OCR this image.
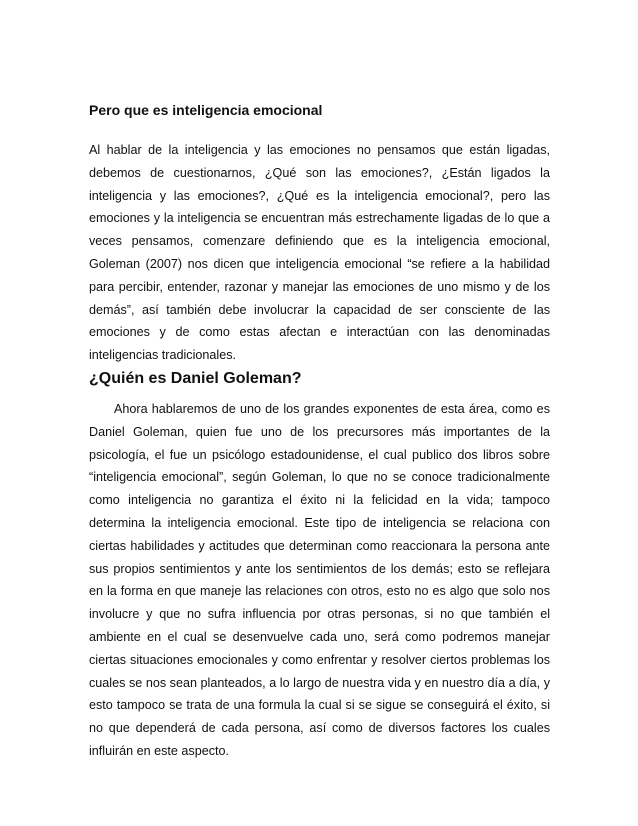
Pero que es inteligencia emocional

Al hablar de la inteligencia y las emociones no pensamos que están ligadas, debemos de cuestionarnos, ¿Qué son las emociones?, ¿Están ligados la inteligencia y las emociones?, ¿Qué es la inteligencia emocional?, pero las emociones y la inteligencia se encuentran más estrechamente ligadas de lo que a veces pensamos, comenzare definiendo que es la inteligencia emocional, Goleman (2007) nos dicen que inteligencia emocional “se refiere a la habilidad para percibir, entender, razonar y manejar las emociones de uno mismo y de los demás”, así también debe involucrar la capacidad de ser consciente de las emociones y de como estas afectan e interactúan con las denominadas inteligencias tradicionales.

¿Quién es Daniel Goleman?

Ahora hablaremos de uno de los grandes exponentes de esta área, como es Daniel Goleman, quien fue uno de los precursores más importantes de la psicología, el fue un psicólogo estadounidense, el cual publico dos libros sobre “inteligencia emocional”, según Goleman, lo que no se conoce tradicionalmente como inteligencia no garantiza el éxito ni la felicidad en la vida; tampoco determina la inteligencia emocional. Este tipo de inteligencia se relaciona con ciertas habilidades y actitudes que determinan como reaccionara la persona ante sus propios sentimientos y ante los sentimientos de los demás; esto se reflejara en la forma en que maneje las relaciones con otros, esto no es algo que solo nos involucre y que no sufra influencia por otras personas, si no que también el ambiente en el cual se desenvuelve cada uno, será como podremos manejar ciertas situaciones emocionales y como enfrentar y resolver ciertos problemas los cuales se nos sean planteados, a lo largo de nuestra vida y en nuestro día a día, y esto tampoco se trata de una formula la cual si se sigue se conseguirá el éxito, si no que dependerá de cada persona, así como de diversos factores los cuales influirán en este aspecto.
